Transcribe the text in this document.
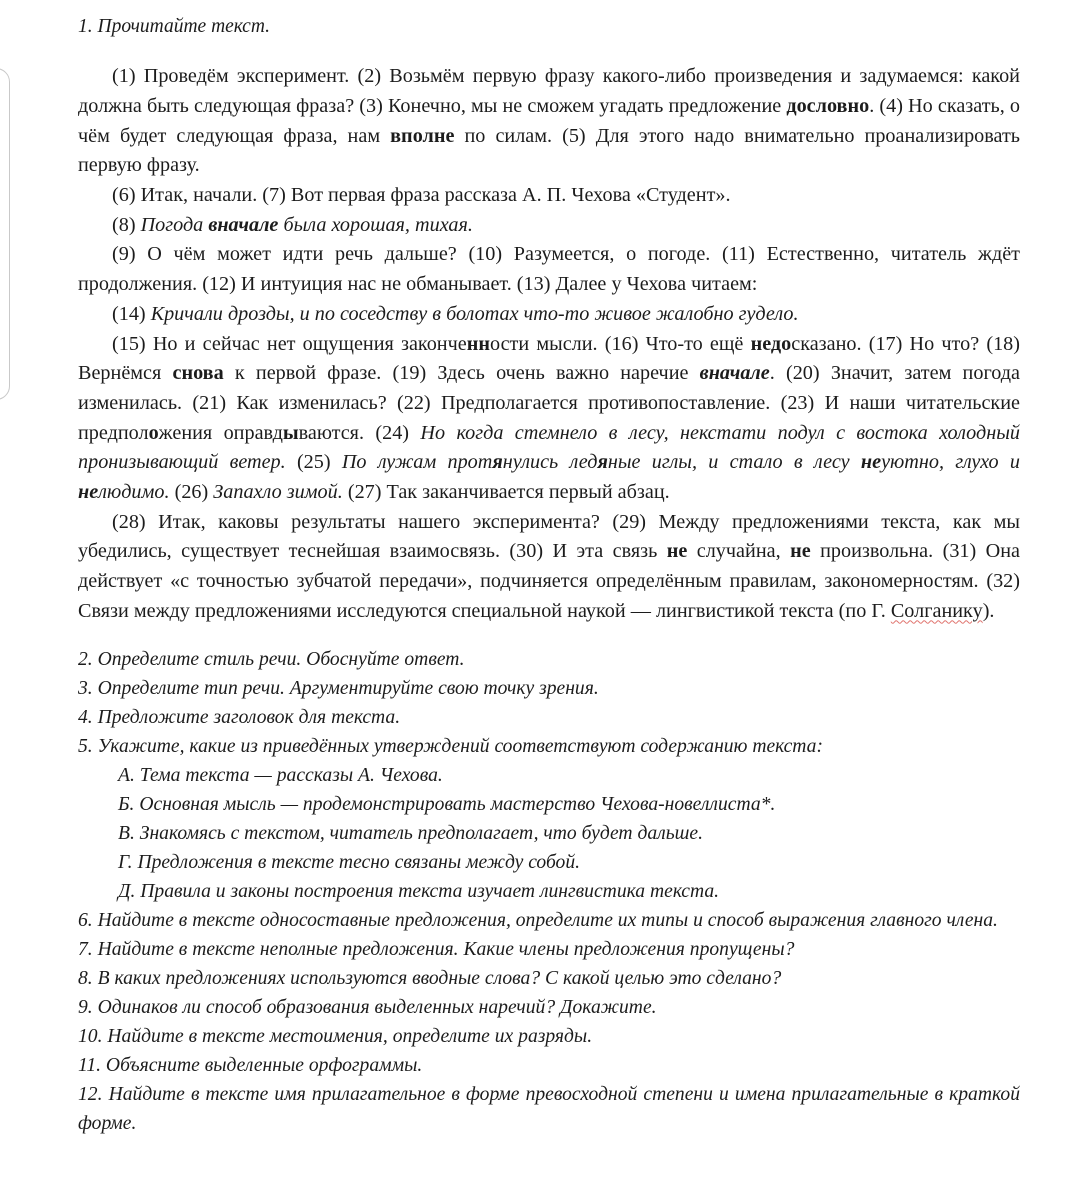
1. Прочитайте текст.

(1) Проведём эксперимент. (2) Возьмём первую фразу какого-либо произведения и задумаемся: какой должна быть следующая фраза? (3) Конечно, мы не сможем угадать предложение дословно. (4) Но сказать, о чём будет следующая фраза, нам вполне по силам. (5) Для этого надо внимательно проанализировать первую фразу.

(6) Итак, начали. (7) Вот первая фраза рассказа А. П. Чехова «Студент».

(8) Погода вначале была хорошая, тихая.

(9) О чём может идти речь дальше? (10) Разумеется, о погоде. (11) Естественно, читатель ждёт продолжения. (12) И интуиция нас не обманывает. (13) Далее у Чехова читаем:

(14) Кричали дрозды, и по соседству в болотах что-то живое жалобно гудело.

(15) Но и сейчас нет ощущения законченности мысли. (16) Что-то ещё недосказано. (17) Но что? (18) Вернёмся снова к первой фразе. (19) Здесь очень важно наречие вначале. (20) Значит, затем погода изменилась. (21) Как изменилась? (22) Предполагается противопоставление. (23) И наши читательские предположения оправдываются. (24) Но когда стемнело в лесу, некстати подул с востока холодный пронизывающий ветер. (25) По лужам протянулись ледяные иглы, и стало в лесу неуютно, глухо и нелюдимо. (26) Запахло зимой. (27) Так заканчивается первый абзац.

(28) Итак, каковы результаты нашего эксперимента? (29) Между предложениями текста, как мы убедились, существует теснейшая взаимосвязь. (30) И эта связь не случайна, не произвольна. (31) Она действует «с точностью зубчатой передачи», подчиняется определённым правилам, закономерностям. (32) Связи между предложениями исследуются специальной наукой — лингвистикой текста (по Г. Солганику).

2. Определите стиль речи. Обоснуйте ответ.

3. Определите тип речи. Аргументируйте свою точку зрения.

4. Предложите заголовок для текста.

5. Укажите, какие из приведённых утверждений соответствуют содержанию текста:

А. Тема текста — рассказы А. Чехова.

Б. Основная мысль — продемонстрировать мастерство Чехова-новеллиста*.

В. Знакомясь с текстом, читатель предполагает, что будет дальше.

Г. Предложения в тексте тесно связаны между собой.

Д. Правила и законы построения текста изучает лингвистика текста.

6. Найдите в тексте односоставные предложения, определите их типы и способ выражения главного члена.

7. Найдите в тексте неполные предложения. Какие члены предложения пропущены?

8. В каких предложениях используются вводные слова? С какой целью это сделано?

9. Одинаков ли способ образования выделенных наречий? Докажите.

10. Найдите в тексте местоимения, определите их разряды.

11. Объясните выделенные орфограммы.

12. Найдите в тексте имя прилагательное в форме превосходной степени и имена прилагательные в краткой форме.
